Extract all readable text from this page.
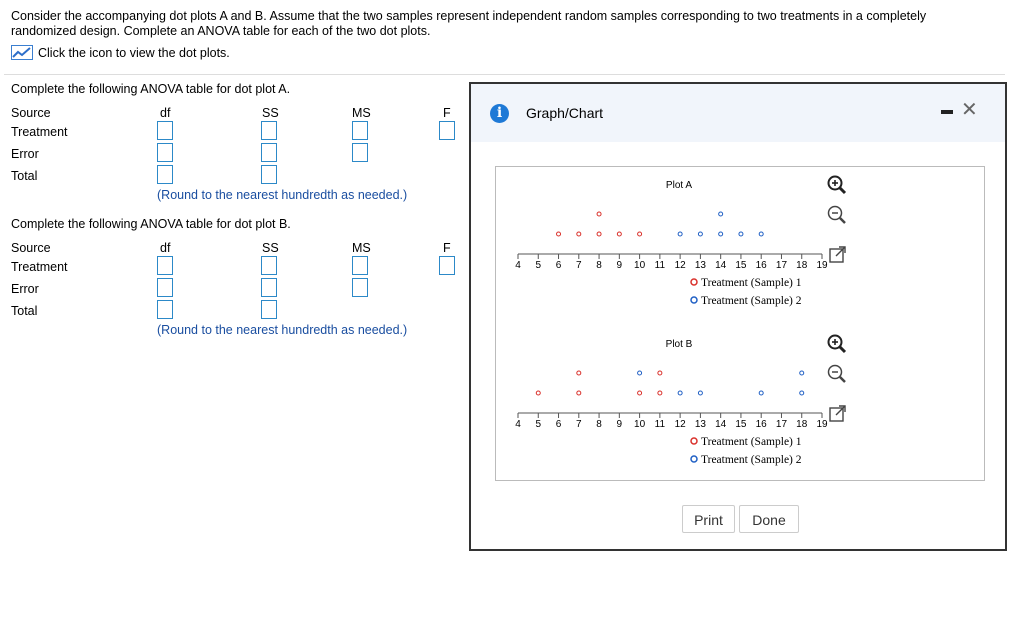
Consider the accompanying dot plots A and B. Assume that the two samples represent independent random samples corresponding to two treatments in a completely
randomized design. Complete an ANOVA table for each of the two dot plots.
Click the icon to view the dot plots.
Complete the following ANOVA table for dot plot A.
Source	df	SS	MS	F
Treatment
Error
Total
(Round to the nearest hundredth as needed.)
Complete the following ANOVA table for dot plot B.
Source	df	SS	MS	F
Treatment
Error
Total
(Round to the nearest hundredth as needed.)
i	Graph/Chart	✕
Plot A
4 5 6 7 8 9 10 11 12 13 14 15 16 17 18 19
Treatment (Sample) 1
Treatment (Sample) 2
Plot B
4 5 6 7 8 9 10 11 12 13 14 15 16 17 18 19
Treatment (Sample) 1
Treatment (Sample) 2
Print	Done
